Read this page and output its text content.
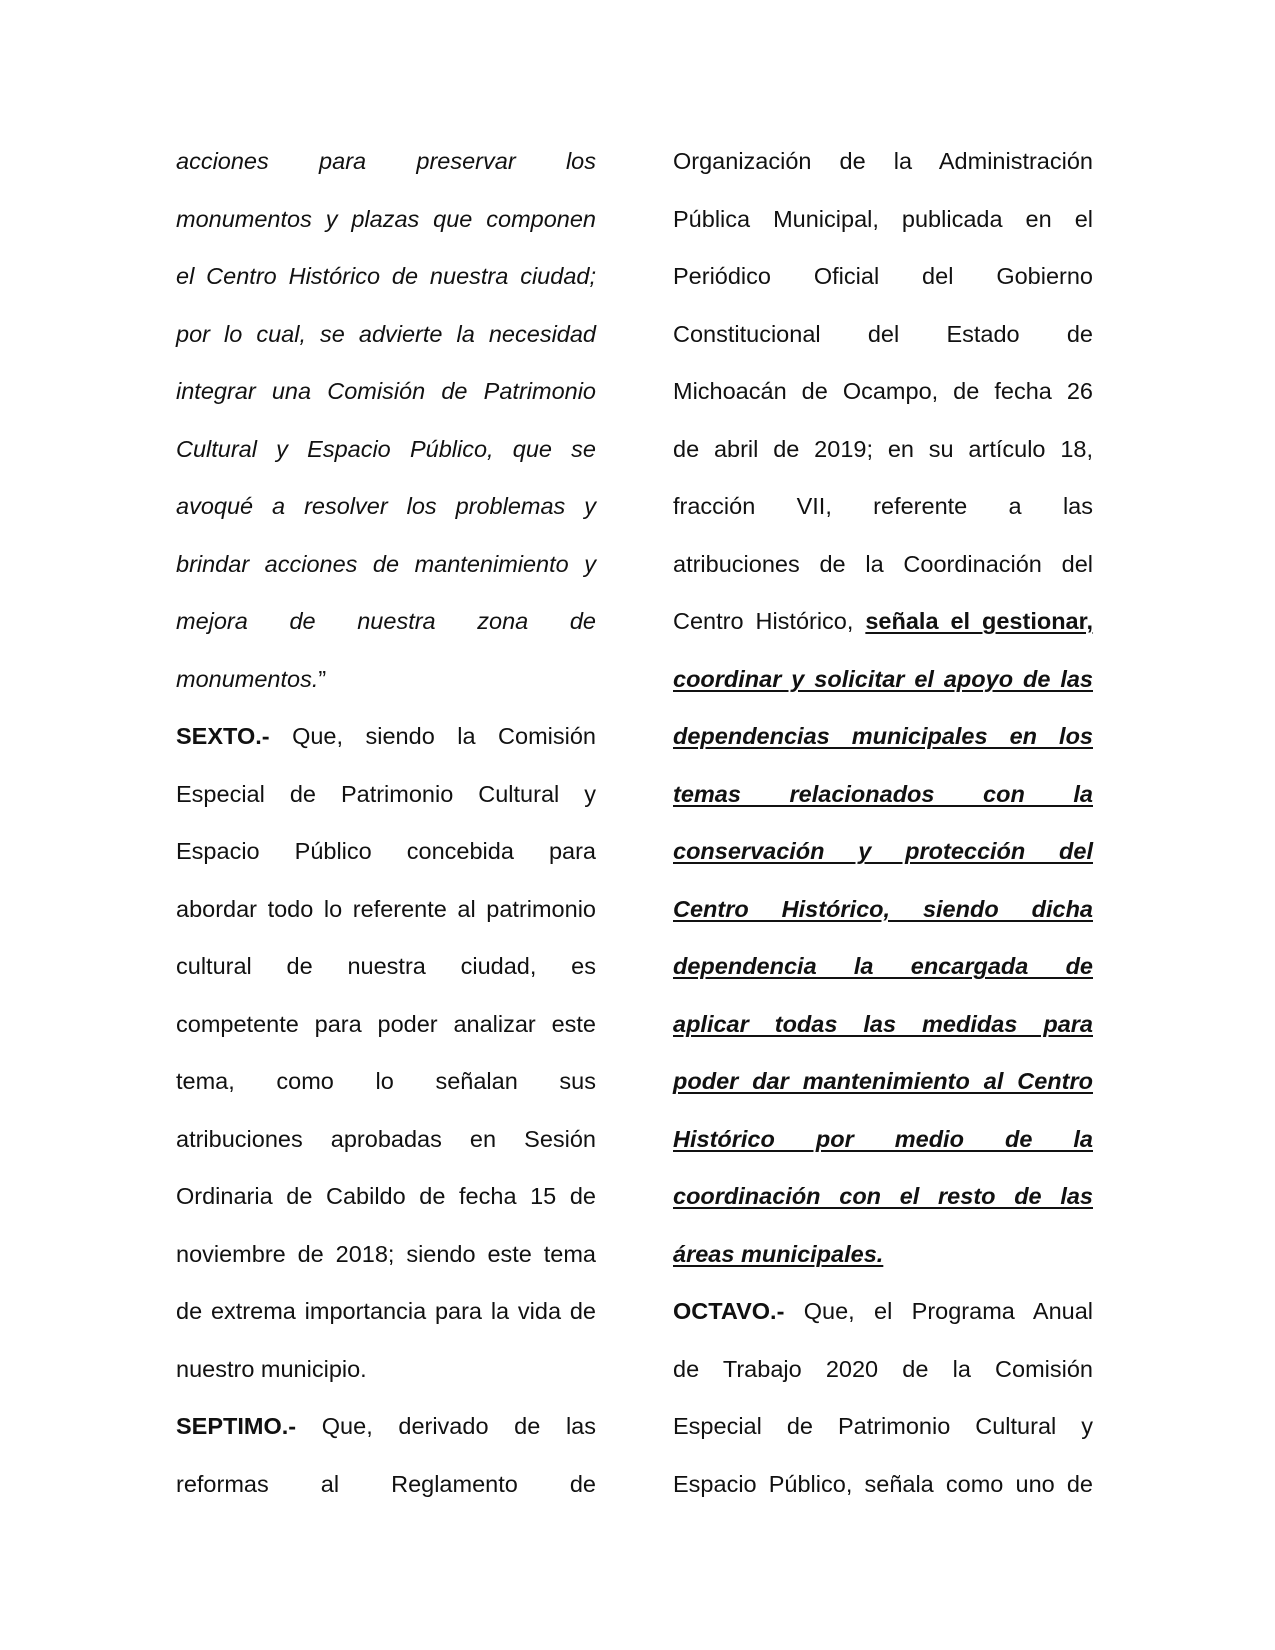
acciones para preservar los
monumentos y plazas que componen
el Centro Histórico de nuestra ciudad;
por lo cual, se advierte la necesidad
integrar una Comisión de Patrimonio
Cultural y Espacio Público, que se
avoqué a resolver los problemas y
brindar acciones de mantenimiento y
mejora de nuestra zona de
monumentos.”
SEXTO.- Que, siendo la Comisión
Especial de Patrimonio Cultural y
Espacio Público concebida para
abordar todo lo referente al patrimonio
cultural de nuestra ciudad, es
competente para poder analizar este
tema, como lo señalan sus
atribuciones aprobadas en Sesión
Ordinaria de Cabildo de fecha 15 de
noviembre de 2018; siendo este tema
de extrema importancia para la vida de
nuestro municipio.
SEPTIMO.- Que, derivado de las
reformas al Reglamento de
Organización de la Administración
Pública Municipal, publicada en el
Periódico Oficial del Gobierno
Constitucional del Estado de
Michoacán de Ocampo, de fecha 26
de abril de 2019; en su artículo 18,
fracción VII, referente a las
atribuciones de la Coordinación del
Centro Histórico, señala el gestionar,
coordinar y solicitar el apoyo de las
dependencias municipales en los
temas relacionados con la
conservación y protección del
Centro Histórico, siendo dicha
dependencia la encargada de
aplicar todas las medidas para
poder dar mantenimiento al Centro
Histórico por medio de la
coordinación con el resto de las
áreas municipales.
OCTAVO.- Que, el Programa Anual
de Trabajo 2020 de la Comisión
Especial de Patrimonio Cultural y
Espacio Público, señala como uno de
